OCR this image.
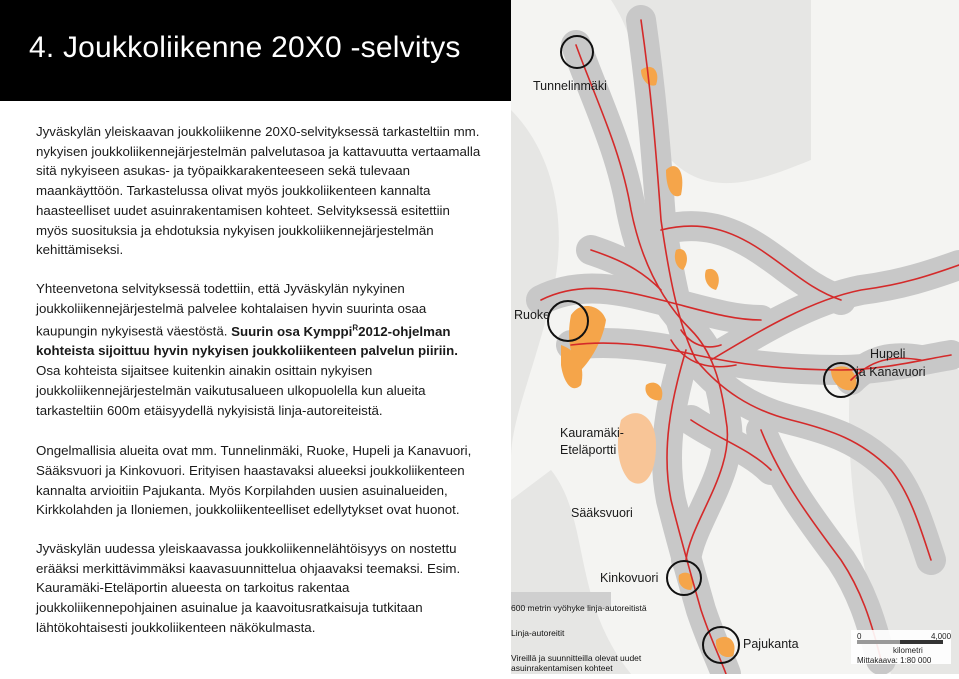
4. Joukkoliikenne 20X0 -selvitys

Jyväskylän yleiskaavan joukkoliikenne 20X0-selvityksessä tarkasteltiin mm. nykyisen joukkoliikennejärjestelmän palvelutasoa ja kattavuutta vertaamalla sitä nykyiseen asukas- ja työpaikkarakenteeseen sekä tulevaan maankäyttöön. Tarkastelussa olivat myös joukkoliikenteen kannalta haasteelliset uudet asuinrakentamisen kohteet. Selvityksessä esitettiin myös suosituksia ja ehdotuksia nykyisen joukkoliikennejärjestelmän kehittämiseksi.

Yhteenvetona selvityksessä todettiin, että Jyväskylän nykyinen joukkoliikennejärjestelmä palvelee kohtalaisen hyvin suurinta osaa kaupungin nykyisestä väestöstä. Suurin osa Kymppi$^R$2012-ohjelman kohteista sijoittuu hyvin nykyisen joukkoliikenteen palvelun piiriin. Osa kohteista sijaitsee kuitenkin ainakin osittain nykyisen joukkoliikennejärjestelmän vaikutusalueen ulkopuolella kun alueita tarkasteltiin 600m etäisyydellä nykyisistä linja-autoreiteistä.

Ongelmallisia alueita ovat mm. Tunnelinmäki, Ruoke, Hupeli ja Kanavuori, Sääksvuori ja Kinkovuori. Erityisen haastavaksi alueeksi joukkoliikenteen kannalta arvioitiin Pajukanta. Myös Korpilahden uusien asuinalueiden, Kirkkolahden ja Iloniemen, joukkoliikenteelliset edellytykset ovat huonot.

Jyväskylän uudessa yleiskaavassa joukkoliikennelähtöisyys on nostettu erääksi merkittävimmäksi kaavasuunnittelua ohjaavaksi teemaksi. Esim. Kauramäki-Eteläportin alueesta on tarkoitus rakentaa joukkoliikennepohjainen asuinalue ja kaavoitusratkaisuja tutkitaan lähtökohtaisesti joukkoliikenteen näkökulmasta.

600 metrin vyöhyke linja-autoreitistä
Linja-autoreitit
Vireillä ja suunnitteilla olevat uudet
asuinrakentamisen kohteet
Tunnelinmäki
Ruoke
Hupeli
ja Kanavuori
Kauramäki-
Eteläportti
Sääksvuori
Kinkovuori
Pajukanta
0	4,000
kilometri
Mittakaava: 1:80 000
